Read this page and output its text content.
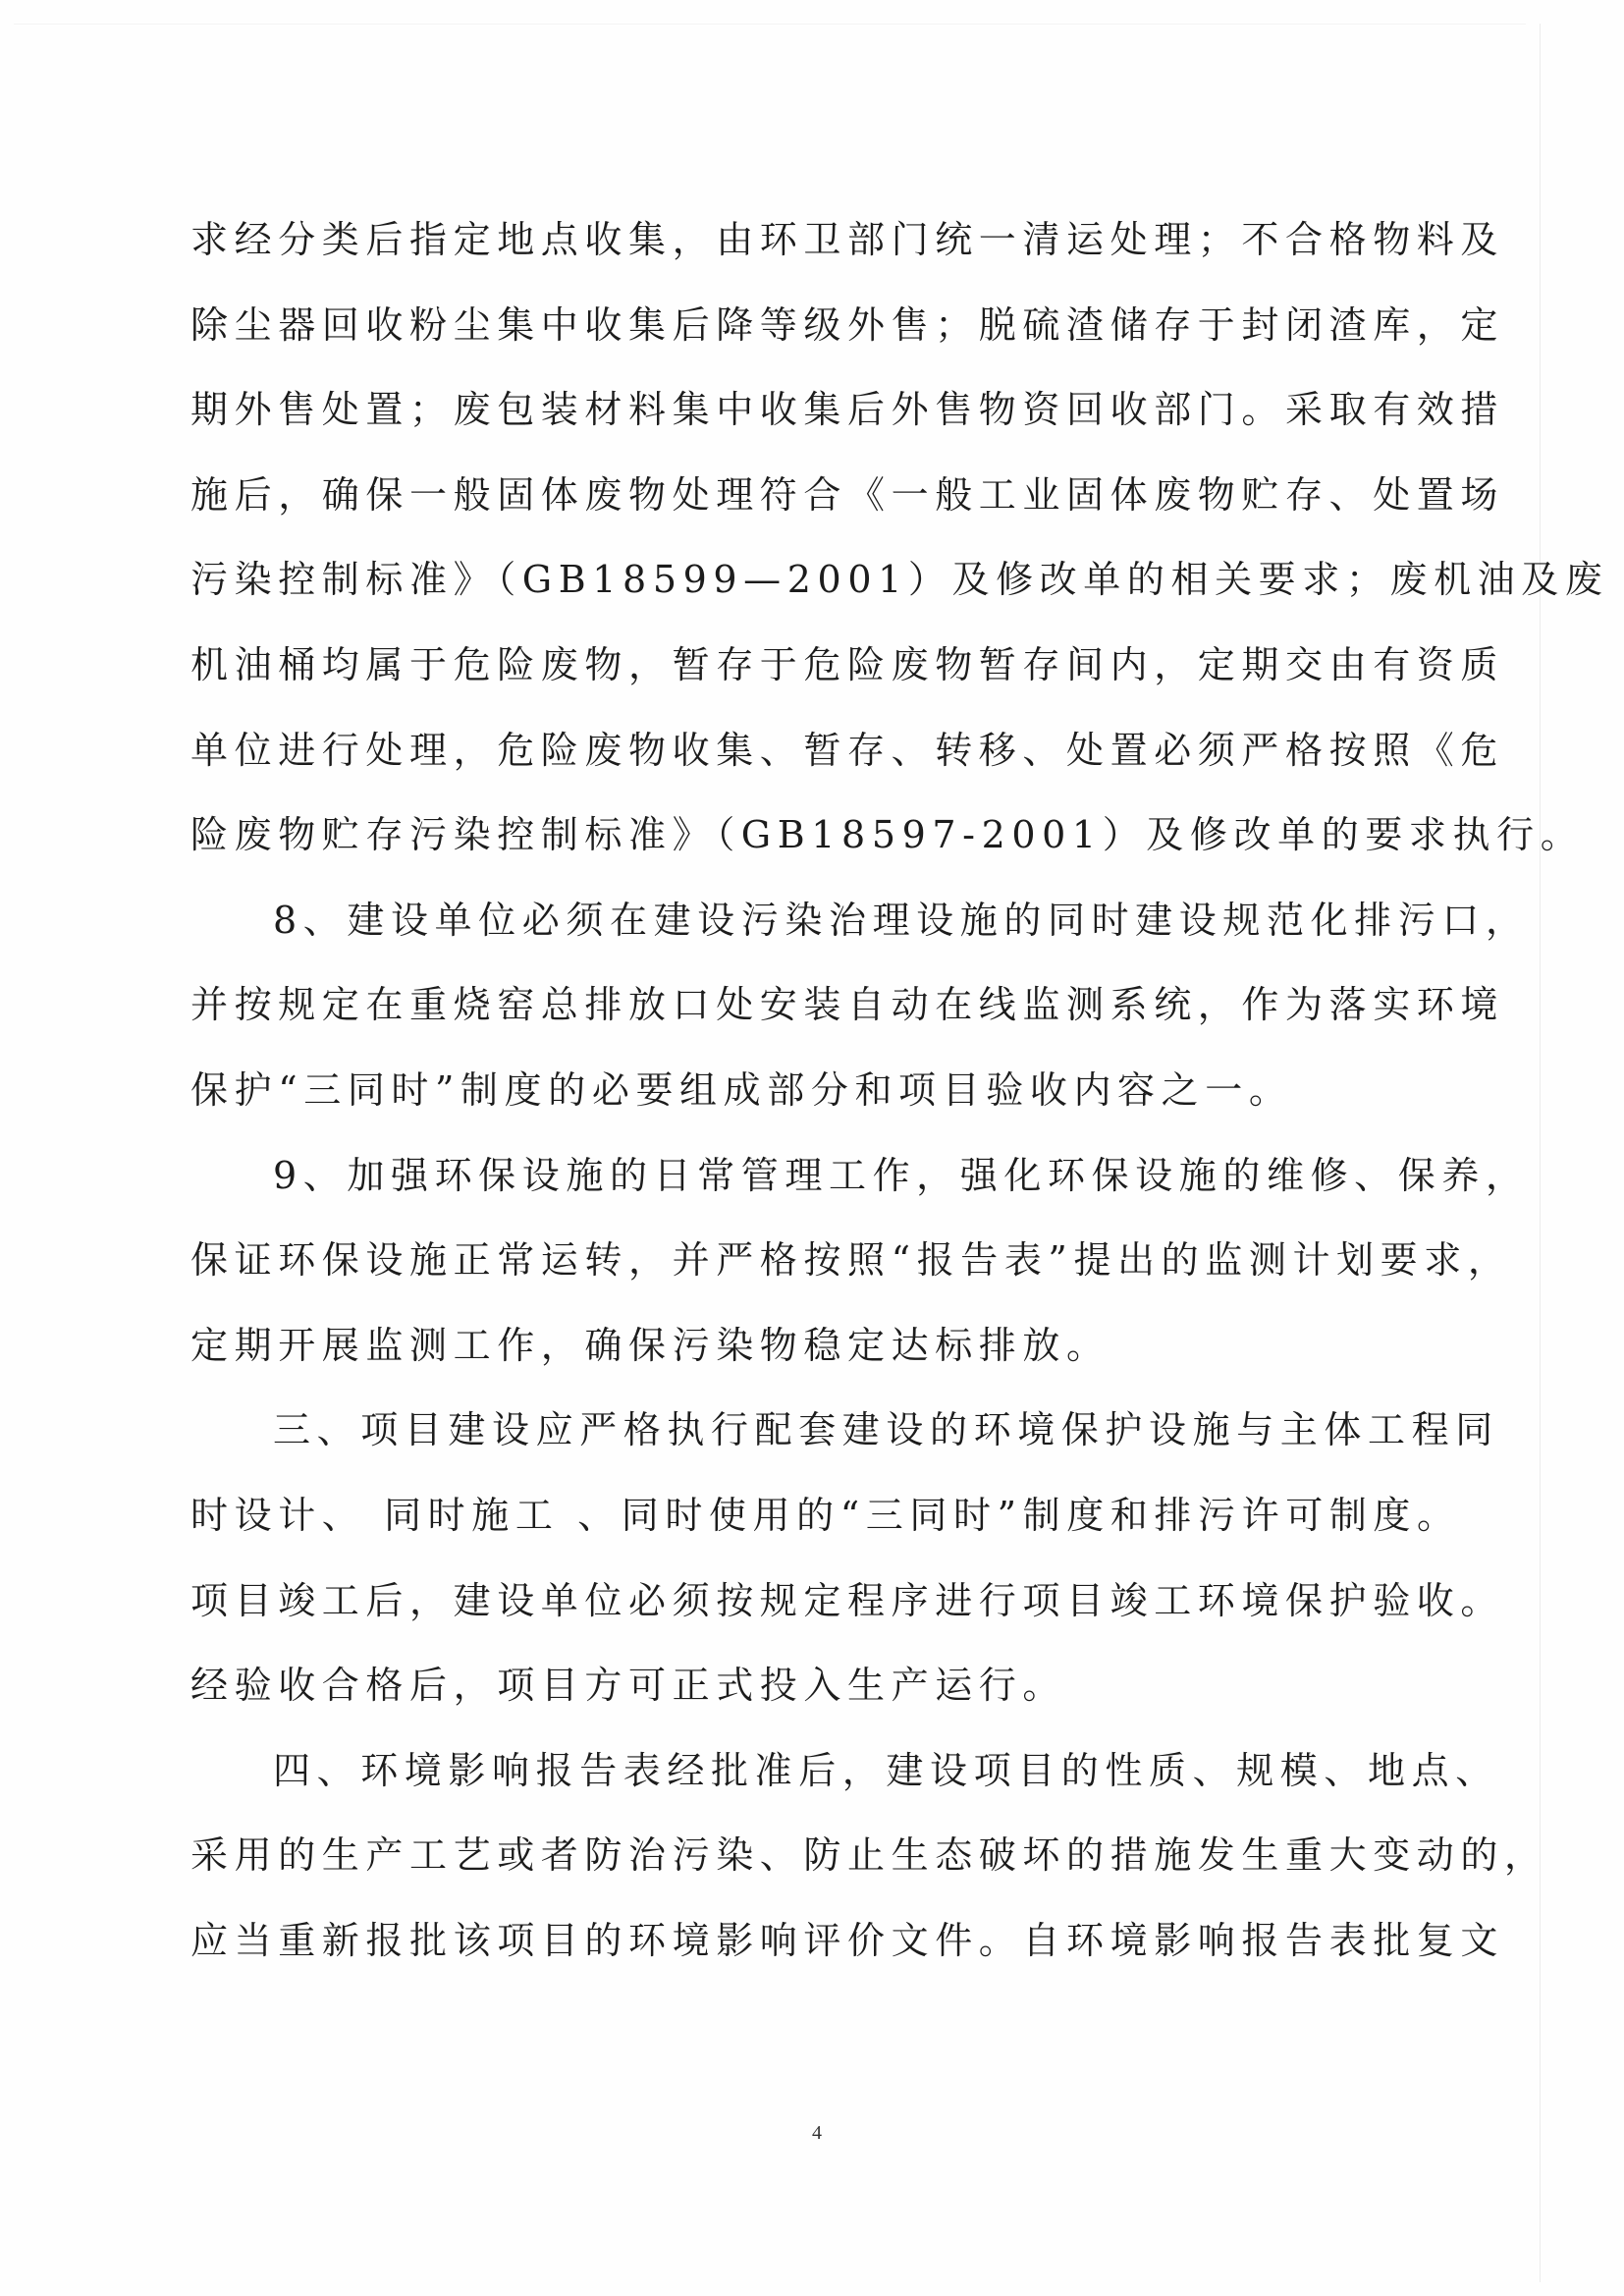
求经分类后指定地点收集，由环卫部门统一清运处理；不合格物料及
除尘器回收粉尘集中收集后降等级外售；脱硫渣储存于封闭渣库，定
期外售处置；废包装材料集中收集后外售物资回收部门。采取有效措
施后，确保一般固体废物处理符合《一般工业固体废物贮存、处置场
污染控制标准》（GB18599—2001）及修改单的相关要求；废机油及废
机油桶均属于危险废物，暂存于危险废物暂存间内，定期交由有资质
单位进行处理，危险废物收集、暂存、转移、处置必须严格按照《危
险废物贮存污染控制标准》（GB18597-2001）及修改单的要求执行。
8、建设单位必须在建设污染治理设施的同时建设规范化排污口，
并按规定在重烧窑总排放口处安装自动在线监测系统，作为落实环境
保护“三同时”制度的必要组成部分和项目验收内容之一。
9、加强环保设施的日常管理工作，强化环保设施的维修、保养，
保证环保设施正常运转，并严格按照“报告表”提出的监测计划要求，
定期开展监测工作，确保污染物稳定达标排放。
三、项目建设应严格执行配套建设的环境保护设施与主体工程同
时设计、 同时施工 、同时使用的“三同时”制度和排污许可制度。
项目竣工后，建设单位必须按规定程序进行项目竣工环境保护验收。
经验收合格后，项目方可正式投入生产运行。
四、环境影响报告表经批准后，建设项目的性质、规模、地点、
采用的生产工艺或者防治污染、防止生态破坏的措施发生重大变动的，
应当重新报批该项目的环境影响评价文件。自环境影响报告表批复文
4
